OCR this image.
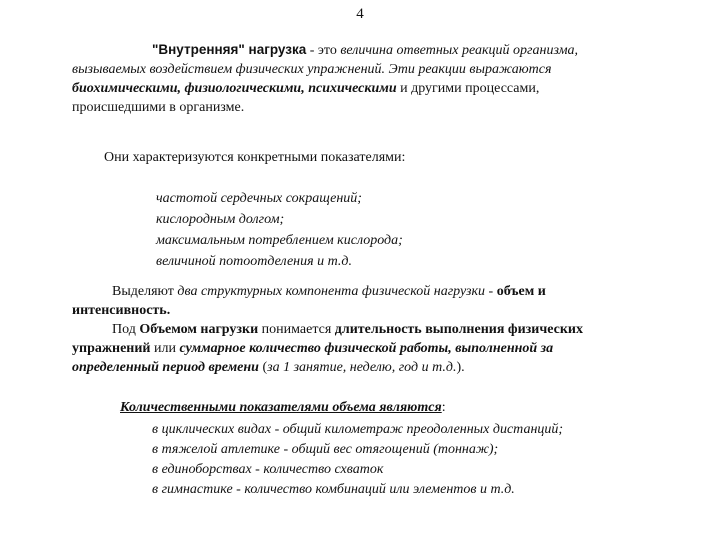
4
"Внутренняя" нагрузка - это величина ответных реакций организма,
вызываемых воздействием физических упражнений. Эти реакции выражаются
биохимическими, физиологическими, психическими и другими процессами,
происшедшими в организме.
Они характеризуются конкретными показателями:
частотой сердечных сокращений;
кислородным долгом;
максимальным потреблением кислорода;
величиной потоотделения и т.д.
Выделяют два структурных компонента физической нагрузки - объем и
интенсивность.
Под Объемом нагрузки понимается длительность выполнения физических
упражнений или суммарное количество физической работы, выполненной за
определенный период времени (за 1 занятие, неделю, год и т.д.).
Количественными показателями объема являются:
в циклических видах - общий километраж преодоленных дистанций;
в тяжелой атлетике - общий вес отягощений (тоннаж);
в единоборствах - количество схваток
в гимнастике - количество комбинаций или элементов и т.д.
